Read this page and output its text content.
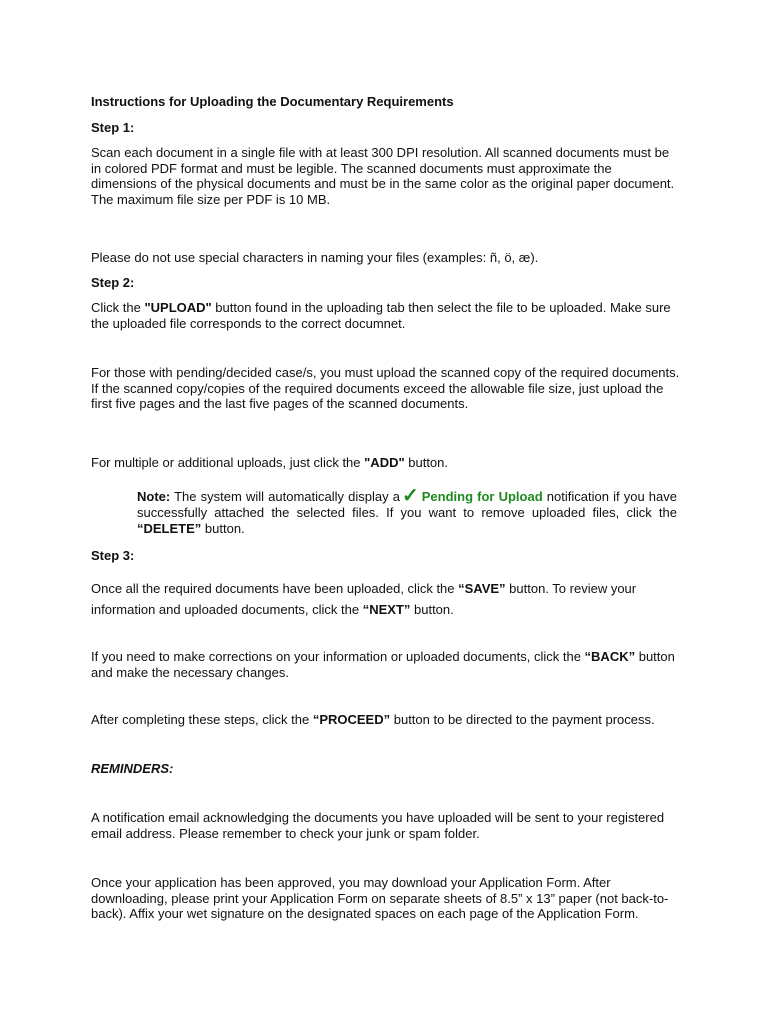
Instructions for Uploading the Documentary Requirements

Step 1:

Scan each document in a single file with at least 300 DPI resolution. All scanned documents must be in colored PDF format and must be legible. The scanned documents must approximate the dimensions of the physical documents and must be in the same color as the original paper document. The maximum file size per PDF is 10 MB.

Please do not use special characters in naming your files (examples: ñ, ö, æ).

Step 2:

Click the "UPLOAD" button found in the uploading tab then select the file to be uploaded. Make sure the uploaded file corresponds to the correct documnet.

For those with pending/decided case/s, you must upload the scanned copy of the required documents. If the scanned copy/copies of the required documents exceed the allowable file size, just upload the first five pages and the last five pages of the scanned documents.

For multiple or additional uploads, just click the "ADD" button.

Note: The system will automatically display a ✓ Pending for Upload notification if you have successfully attached the selected files. If you want to remove uploaded files, click the “DELETE” button.

Step 3:

Once all the required documents have been uploaded, click the “SAVE” button. To review your information and uploaded documents, click the “NEXT” button.

If you need to make corrections on your information or uploaded documents, click the “BACK” button and make the necessary changes.

After completing these steps, click the “PROCEED” button to be directed to the payment process.

REMINDERS:

A notification email acknowledging the documents you have uploaded will be sent to your registered email address. Please remember to check your junk or spam folder.

Once your application has been approved, you may download your Application Form. After downloading, please print your Application Form on separate sheets of 8.5” x 13” paper (not back-to-back). Affix your wet signature on the designated spaces on each page of the Application Form.
